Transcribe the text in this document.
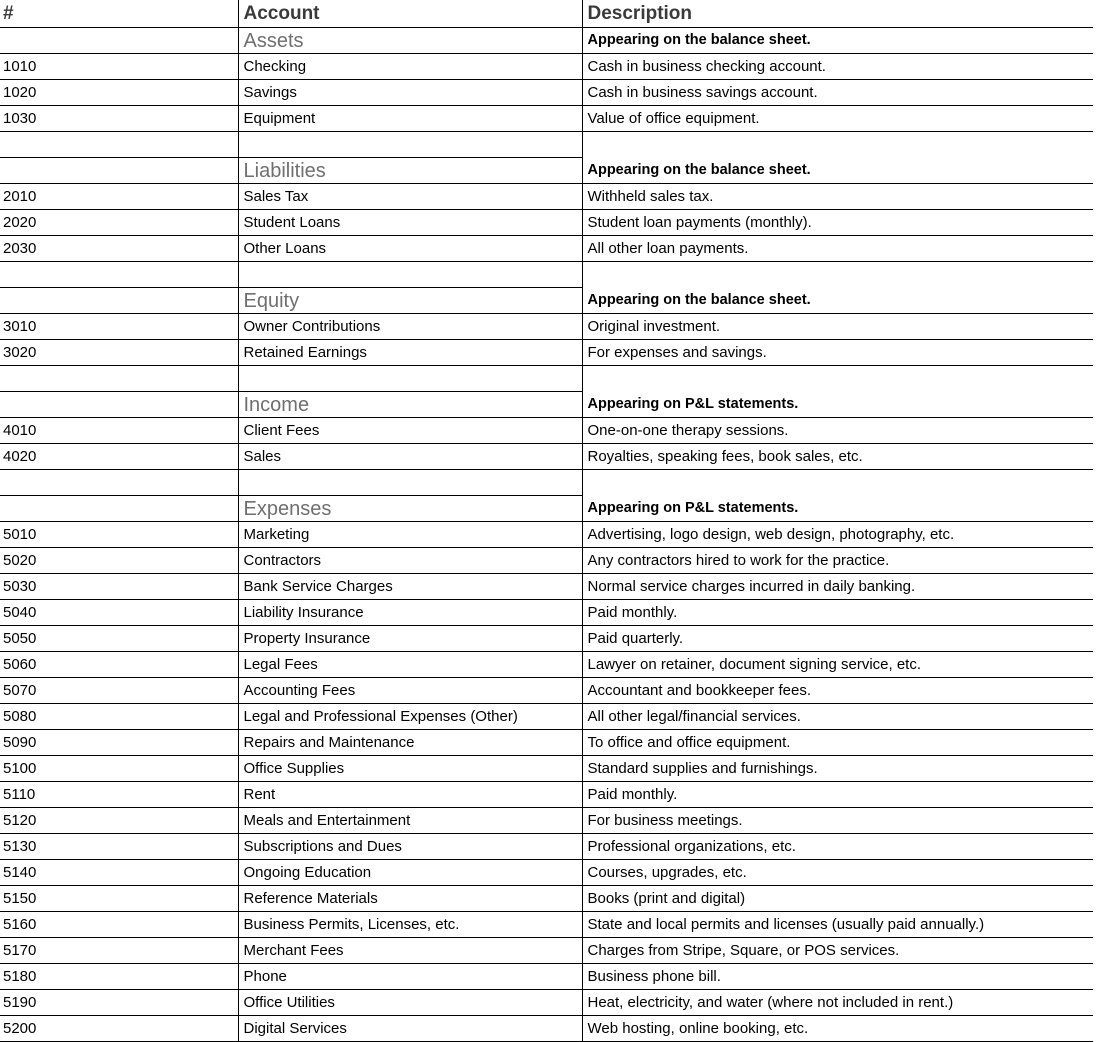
#	Account	Description
	Assets	Appearing on the balance sheet.
1010	Checking	Cash in business checking account.
1020	Savings	Cash in business savings account.
1030	Equipment	Value of office equipment.

	Liabilities	Appearing on the balance sheet.
2010	Sales Tax	Withheld sales tax.
2020	Student Loans	Student loan payments (monthly).
2030	Other Loans	All other loan payments.

	Equity	Appearing on the balance sheet.
3010	Owner Contributions	Original investment.
3020	Retained Earnings	For expenses and savings.

	Income	Appearing on P&L statements.
4010	Client Fees	One-on-one therapy sessions.
4020	Sales	Royalties, speaking fees, book sales, etc.

	Expenses	Appearing on P&L statements.
5010	Marketing	Advertising, logo design, web design, photography, etc.
5020	Contractors	Any contractors hired to work for the practice.
5030	Bank Service Charges	Normal service charges incurred in daily banking.
5040	Liability Insurance	Paid monthly.
5050	Property Insurance	Paid quarterly.
5060	Legal Fees	Lawyer on retainer, document signing service, etc.
5070	Accounting Fees	Accountant and bookkeeper fees.
5080	Legal and Professional Expenses (Other)	All other legal/financial services.
5090	Repairs and Maintenance	To office and office equipment.
5100	Office Supplies	Standard supplies and furnishings.
5110	Rent	Paid monthly.
5120	Meals and Entertainment	For business meetings.
5130	Subscriptions and Dues	Professional organizations, etc.
5140	Ongoing Education	Courses, upgrades, etc.
5150	Reference Materials	Books (print and digital)
5160	Business Permits, Licenses, etc.	State and local permits and licenses (usually paid annually.)
5170	Merchant Fees	Charges from Stripe, Square, or POS services.
5180	Phone	Business phone bill.
5190	Office Utilities	Heat, electricity, and water (where not included in rent.)
5200	Digital Services	Web hosting, online booking, etc.
